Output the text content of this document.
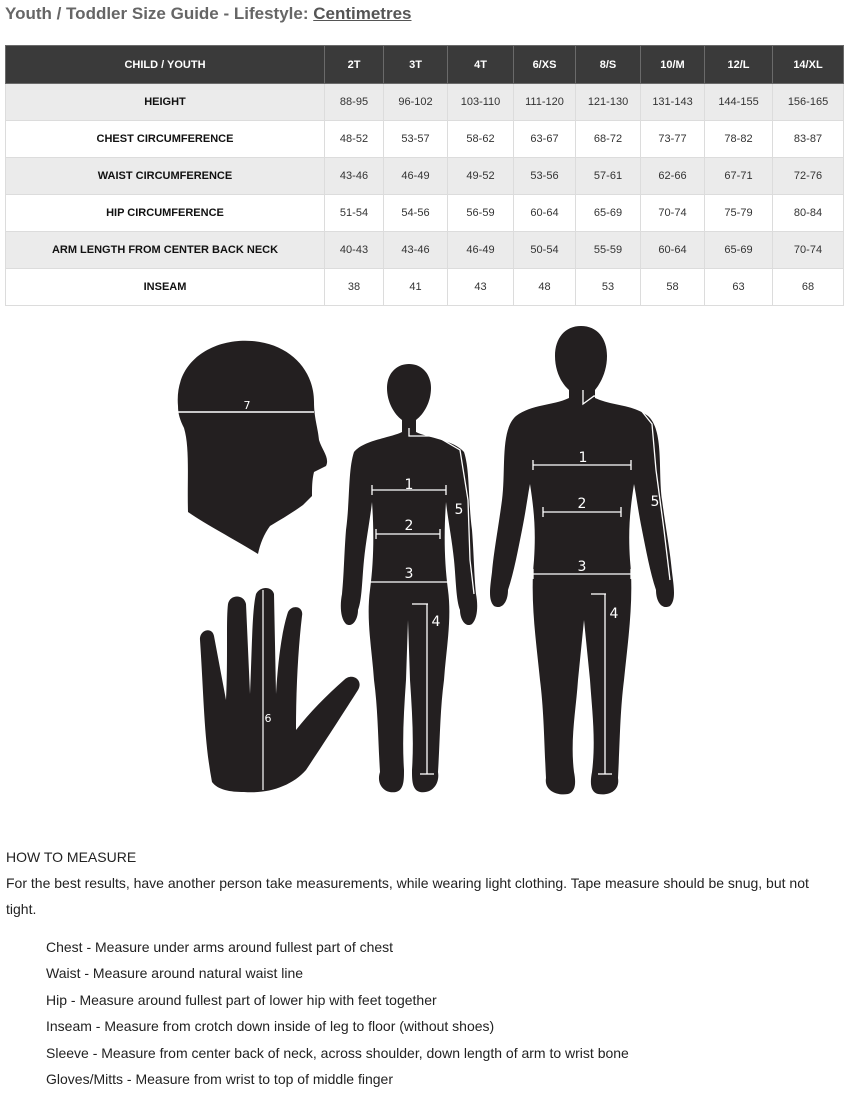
Youth / Toddler Size Guide - Lifestyle: Centimetres
CHILD / YOUTH	2T	3T	4T	6/XS	8/S	10/M	12/L	14/XL
HEIGHT	88-95	96-102	103-110	111-120	121-130	131-143	144-155	156-165
CHEST CIRCUMFERENCE	48-52	53-57	58-62	63-67	68-72	73-77	78-82	83-87
WAIST CIRCUMFERENCE	43-46	46-49	49-52	53-56	57-61	62-66	67-71	72-76
HIP CIRCUMFERENCE	51-54	54-56	56-59	60-64	65-69	70-74	75-79	80-84
ARM LENGTH FROM CENTER BACK NECK	40-43	43-46	46-49	50-54	55-59	60-64	65-69	70-74
INSEAM	38	41	43	48	53	58	63	68
7
6
1
2
3
4
5
1
2
3
4
5

HOW TO MEASURE

For the best results, have another person take measurements, while wearing light clothing. Tape measure should be snug, but not tight.

Chest - Measure under arms around fullest part of chest
Waist - Measure around natural waist line
Hip - Measure around fullest part of lower hip with feet together
Inseam - Measure from crotch down inside of leg to floor (without shoes)
Sleeve - Measure from center back of neck, across shoulder, down length of arm to wrist bone
Gloves/Mitts - Measure from wrist to top of middle finger
